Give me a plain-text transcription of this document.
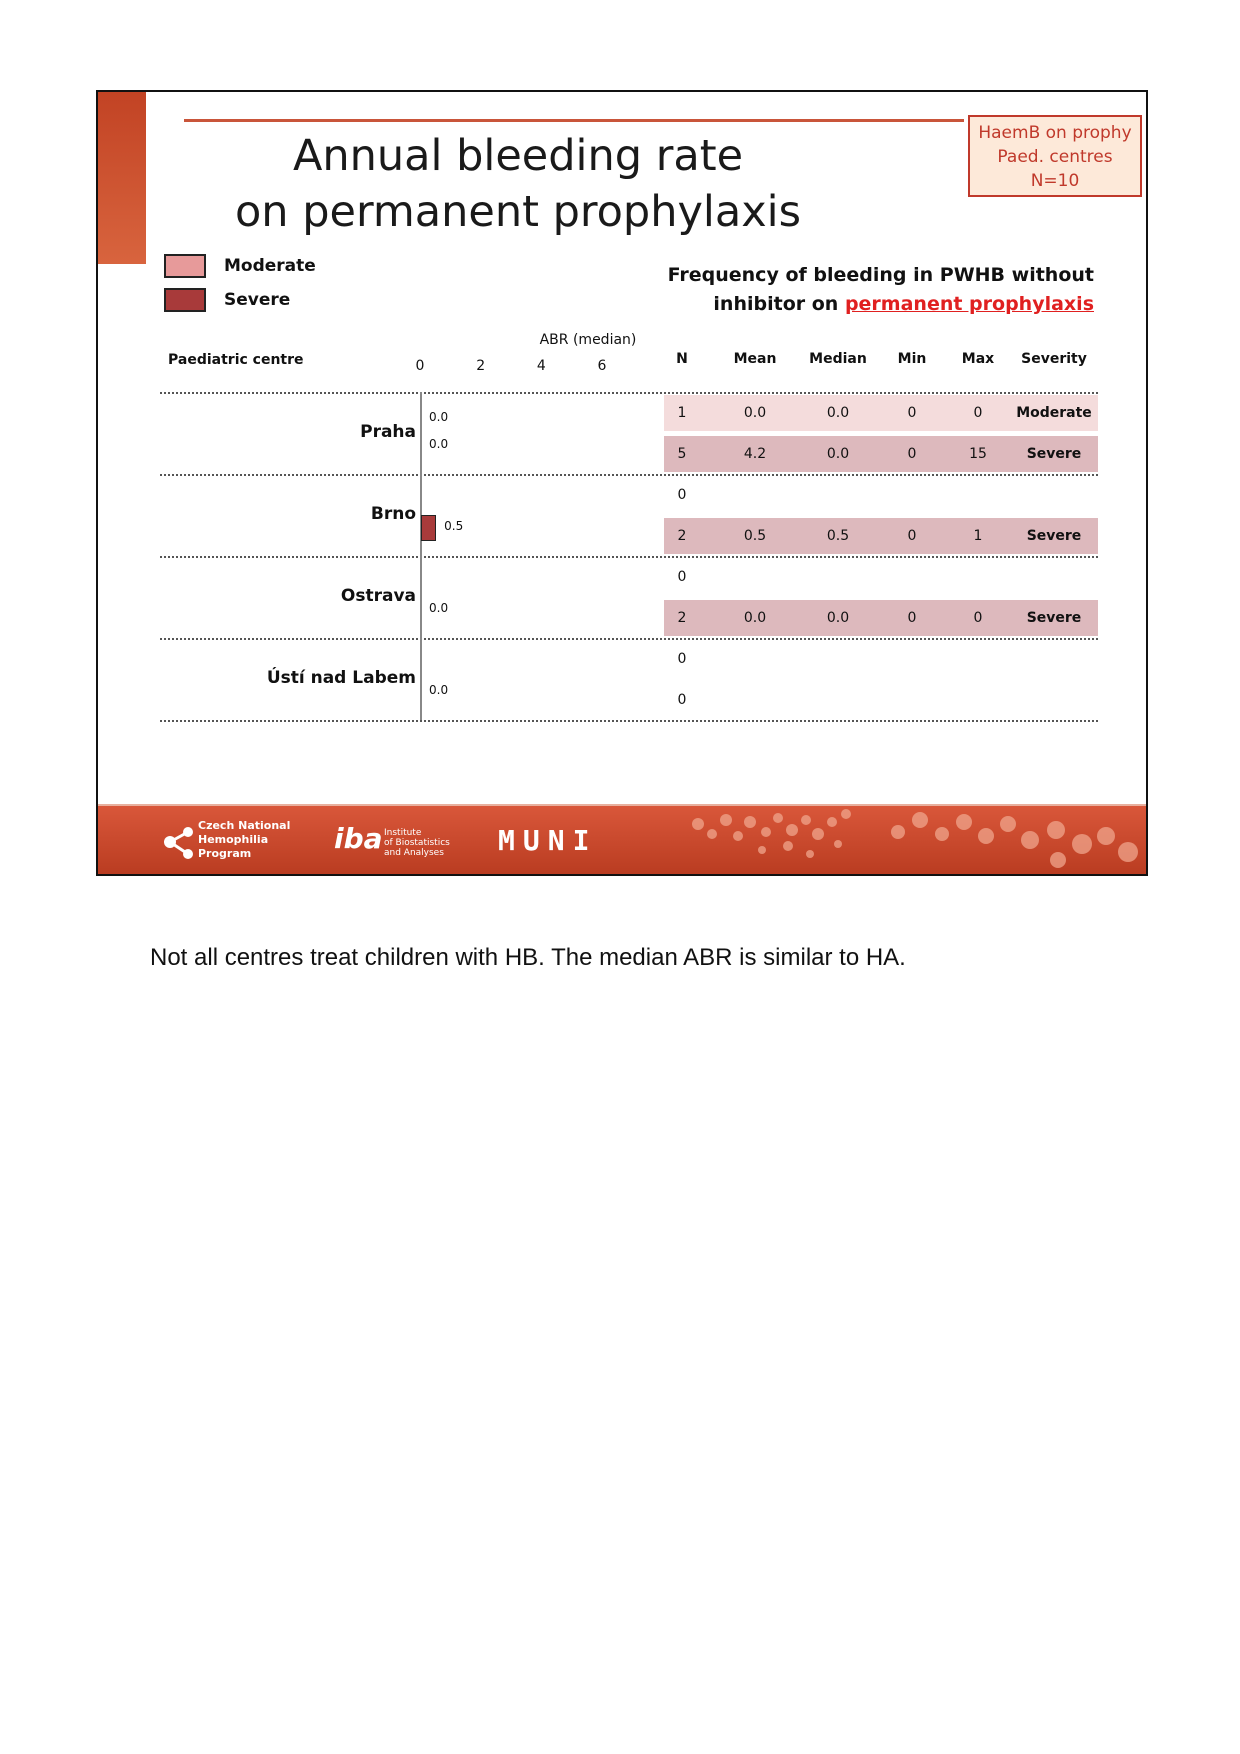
Annual bleeding rate
on permanent prophylaxis
HaemB on prophy
Paed. centres
N=10
Moderate
Severe
Frequency of bleeding in PWHB without
inhibitor on permanent prophylaxis
ABR (median)
Paediatric centre	0	2	4	6	N	Mean	Median	Min	Max	Severity
Praha
1	0.0	0.0	0	0	Moderate
5	4.2	0.0	0	15	Severe
Brno
0
2	0.5	0.5	0	1	Severe
Ostrava
0
2	0.0	0.0	0	0	Severe
Ústí nad Labem
0
0
0.0
0.0
0.5
0.0
0.0
Czech National
Hemophilia
Program	iba Institute
of Biostatistics
and Analyses MUNI
Not all centres treat children with HB. The median ABR is similar to HA.
